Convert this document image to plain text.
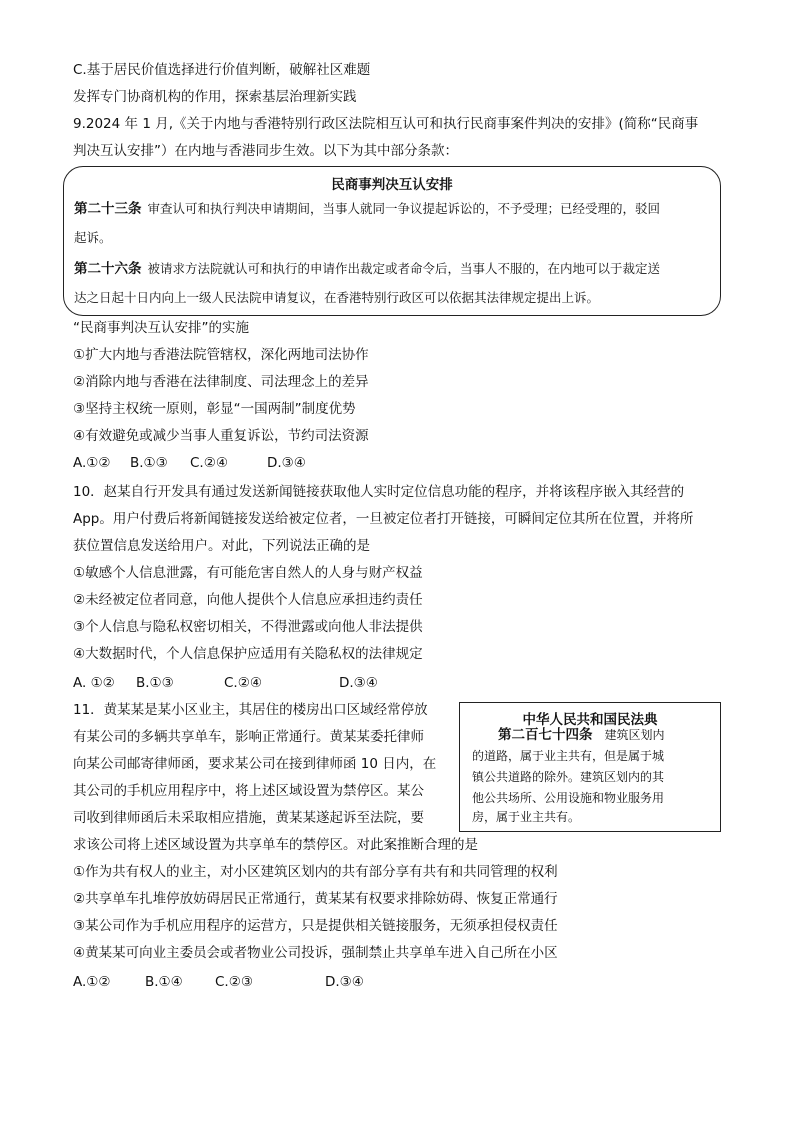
C.基于居民价值选择进行价值判断，破解社区难题
发挥专门协商机构的作用，探索基层治理新实践
9.2024 年 1 月,《关于内地与香港特别行政区法院相互认可和执行民商事案件判决的安排》(简称“民商事
判决互认安排”）在内地与香港同步生效。以下为其中部分条款：
民商事判决互认安排
第二十三条 审查认可和执行判决申请期间，当事人就同一争议提起诉讼的，不予受理；已经受理的，驳回
起诉。
第二十六条 被请求方法院就认可和执行的申请作出裁定或者命令后，当事人不服的，在内地可以于裁定送
达之日起十日内向上一级人民法院申请复议，在香港特别行政区可以依据其法律规定提出上诉。
“民商事判决互认安排”的实施
①扩大内地与香港法院管辖权，深化两地司法协作
②消除内地与香港在法律制度、司法理念上的差异
③坚持主权统一原则，彰显“一国两制”制度优势
④有效避免或减少当事人重复诉讼，节约司法资源
A.①② B.①③ C.②④	D.③④
10．赵某自行开发具有通过发送新闻链接获取他人实时定位信息功能的程序，并将该程序嵌入其经营的
App。用户付费后将新闻链接发送给被定位者，一旦被定位者打开链接，可瞬间定位其所在位置，并将所
获位置信息发送给用户。对此，下列说法正确的是
①敏感个人信息泄露，有可能危害自然人的人身与财产权益
②未经被定位者同意，向他人提供个人信息应承担违约责任
③个人信息与隐私权密切相关，不得泄露或向他人非法提供
④大数据时代，个人信息保护应适用有关隐私权的法律规定
A. ①② B.①③	C.②④	D.③④
11．黄某某是某小区业主，其居住的楼房出口区域经常停放
有某公司的多辆共享单车，影响正常通行。黄某某委托律师
向某公司邮寄律师函，要求某公司在接到律师函 10 日内，在
其公司的手机应用程序中，将上述区域设置为禁停区。某公
司收到律师函后未采取相应措施，黄某某遂起诉至法院，要
求该公司将上述区域设置为共享单车的禁停区。对此案推断合理的是
中华人民共和国民法典
第二百七十四条 建筑区划内
的道路，属于业主共有，但是属于城
镇公共道路的除外。建筑区划内的其
他公共场所、公用设施和物业服务用
房，属于业主共有。
①作为共有权人的业主，对小区建筑区划内的共有部分享有共有和共同管理的权利
②共享单车扎堆停放妨碍居民正常通行，黄某某有权要求排除妨碍、恢复正常通行
③某公司作为手机应用程序的运营方，只是提供相关链接服务，无须承担侵权责任
④黄某某可向业主委员会或者物业公司投诉，强制禁止共享单车进入自己所在小区
A.①②	B.①④ C.②③	D.③④
